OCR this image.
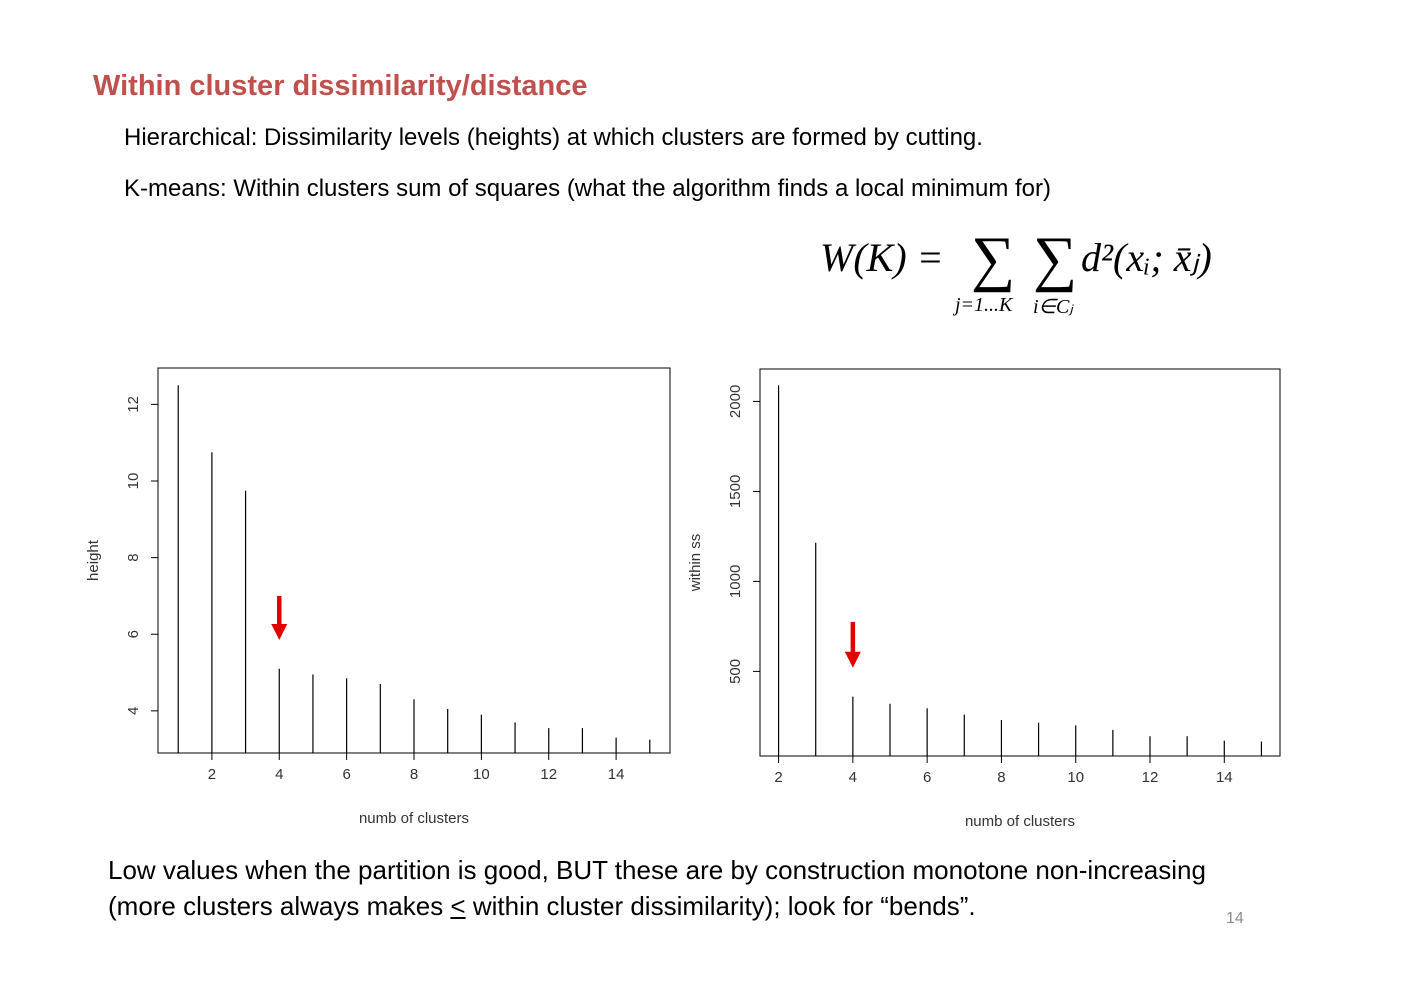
Within cluster dissimilarity/distance
Hierarchical: Dissimilarity levels (heights) at which clusters are formed by cutting.
K-means: Within clusters sum of squares (what the algorithm finds a local minimum for)
W(K) = ∑ ∑ d²(xᵢ; x̄ⱼ)
j=1...K i∈Cⱼ
2	4	6	8	10	12	14
4
6
8
10
12
numb of clusters
height
2	4	6	8	10	12	14
500
1000
1500
2000
numb of clusters
within ss
Low values when the partition is good, BUT these are by construction monotone non-increasing (more clusters always makes < within cluster dissimilarity); look for “bends”.	14
